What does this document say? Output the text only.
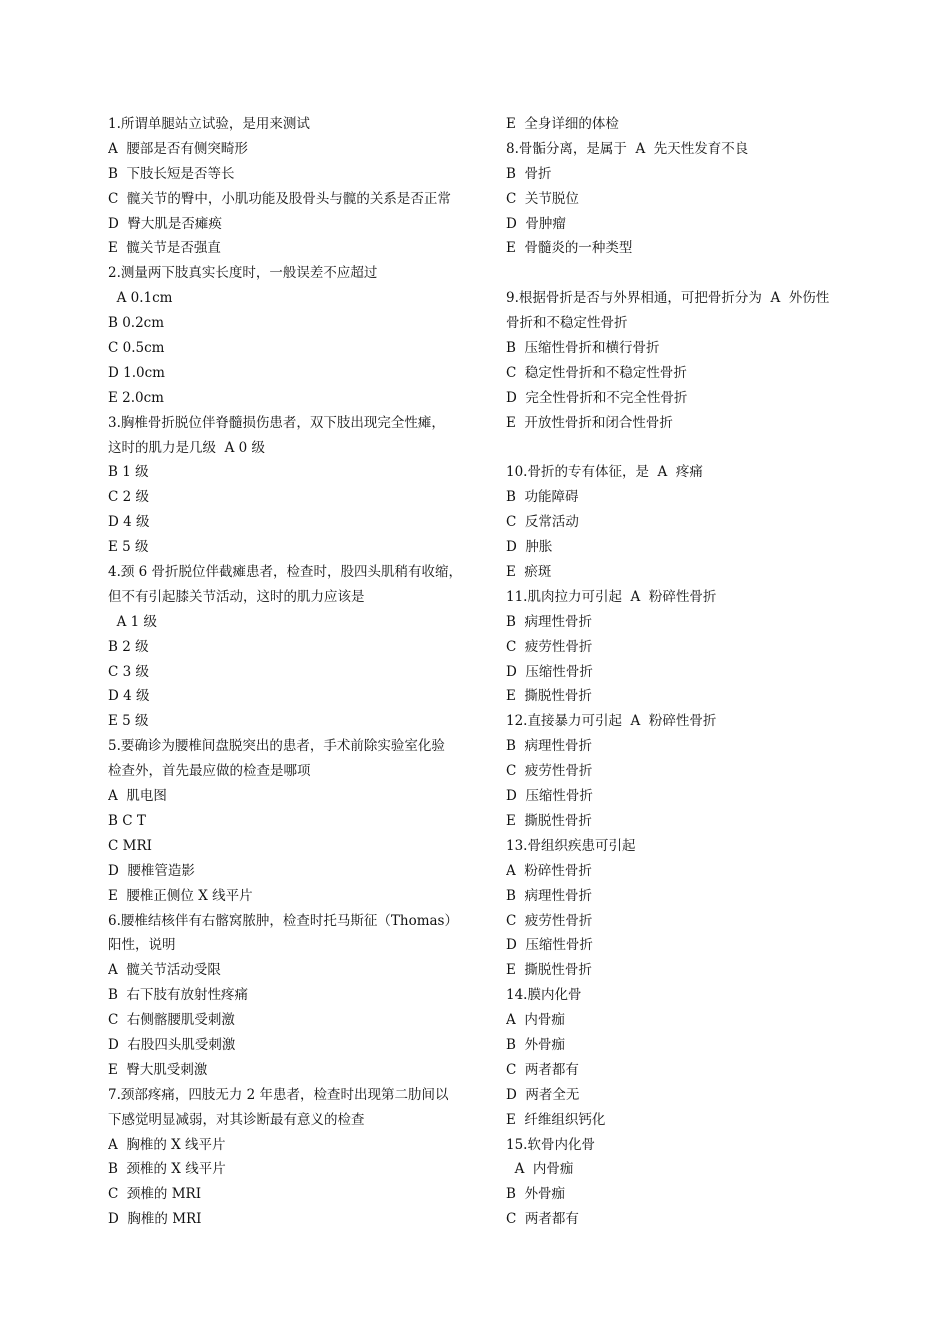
1.所谓单腿站立试验，是用来测试
A  腰部是否有侧突畸形
B  下肢长短是否等长
C  髋关节的臀中，小肌功能及股骨头与髋的关系是否正常
D  臀大肌是否瘫痪
E  髋关节是否强直
2.测量两下肢真实长度时，一般误差不应超过
A 0.1cm
B 0.2cm
C 0.5cm
D 1.0cm
E 2.0cm
3.胸椎骨折脱位伴脊髓损伤患者，双下肢出现完全性瘫，
这时的肌力是几级  A 0 级
B 1 级
C 2 级
D 4 级
E 5 级
4.颈 6 骨折脱位伴截瘫患者，检查时，股四头肌稍有收缩，
但不有引起膝关节活动，这时的肌力应该是
A 1 级
B 2 级
C 3 级
D 4 级
E 5 级
5.要确诊为腰椎间盘脱突出的患者，手术前除实验室化验
检查外，首先最应做的检查是哪项
A  肌电图
B C T
C MRI
D  腰椎管造影
E  腰椎正侧位 X 线平片
6.腰椎结核伴有右髂窝脓肿，检查时托马斯征（Thomas）
阳性，说明
A  髋关节活动受限
B  右下肢有放射性疼痛
C  右侧髂腰肌受刺激
D  右股四头肌受刺激
E  臀大肌受刺激
7.颈部疼痛，四肢无力 2 年患者，检查时出现第二肋间以
下感觉明显减弱，对其诊断最有意义的检查
A  胸椎的 X 线平片
B  颈椎的 X 线平片
C  颈椎的 MRI
D  胸椎的 MRI
E  全身详细的体检
8.骨骺分离，是属于  A  先天性发育不良
B  骨折
C  关节脱位
D  骨肿瘤
E  骨髓炎的一种类型
9.根据骨折是否与外界相通，可把骨折分为  A  外伤性
骨折和不稳定性骨折
B  压缩性骨折和横行骨折
C  稳定性骨折和不稳定性骨折
D  完全性骨折和不完全性骨折
E  开放性骨折和闭合性骨折
10.骨折的专有体征，是  A  疼痛
B  功能障碍
C  反常活动
D  肿胀
E  瘀斑
11.肌肉拉力可引起  A  粉碎性骨折
B  病理性骨折
C  疲劳性骨折
D  压缩性骨折
E  撕脱性骨折
12.直接暴力可引起  A  粉碎性骨折
B  病理性骨折
C  疲劳性骨折
D  压缩性骨折
E  撕脱性骨折
13.骨组织疾患可引起
A  粉碎性骨折
B  病理性骨折
C  疲劳性骨折
D  压缩性骨折
E  撕脱性骨折
14.膜内化骨
A  内骨痂
B  外骨痂
C  两者都有
D  两者全无
E  纤维组织钙化
15.软骨内化骨
A  内骨痂
B  外骨痂
C  两者都有
